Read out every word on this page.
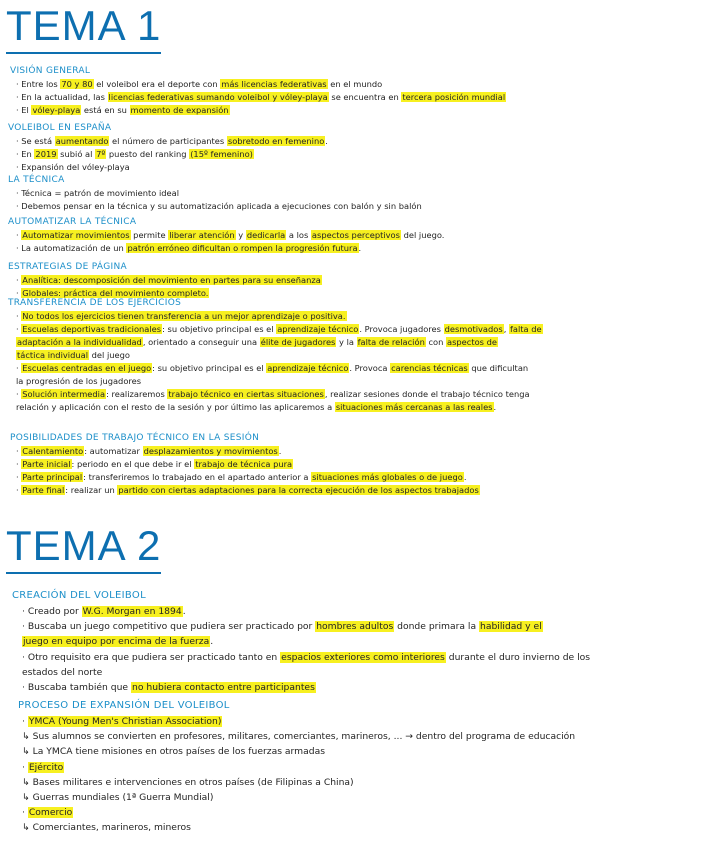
TEMA 1
VISIÓN GENERAL
· Entre los 70 y 80 el voleibol era el deporte con más licencias federativas en el mundo
· En la actualidad, las licencias federativas sumando voleibol y vóley-playa se encuentra en tercera posición mundial
· El vóley-playa está en su momento de expansión
VOLEIBOL EN ESPAÑA
· Se está aumentando el número de participantes sobretodo en femenino.
· En 2019 subió al 7º puesto del ranking (15º femenino)
· Expansión del vóley-playa
LA TÉCNICA
· Técnica = patrón de movimiento ideal
· Debemos pensar en la técnica y su automatización aplicada a ejecuciones con balón y sin balón
AUTOMATIZAR LA TÉCNICA
· Automatizar movimientos permite liberar atención y dedicarla a los aspectos perceptivos del juego.
· La automatización de un patrón erróneo dificultan o rompen la progresión futura.
ESTRATEGIAS DE PÁGINA
· Analítica: descomposición del movimiento en partes para su enseñanza
· Globales: práctica del movimiento completo.
TRANSFERENCIA DE LOS EJERCICIOS
· No todos los ejercicios tienen transferencia a un mejor aprendizaje o positiva.
· Escuelas deportivas tradicionales: su objetivo principal es el aprendizaje técnico. Provoca jugadores desmotivados, falta de
adaptación a la individualidad, orientado a conseguir una élite de jugadores y la falta de relación con aspectos de
táctica individual del juego
· Escuelas centradas en el juego: su objetivo principal es el aprendizaje técnico. Provoca carencias técnicas que dificultan
la progresión de los jugadores
· Solución intermedia: realizaremos trabajo técnico en ciertas situaciones, realizar sesiones donde el trabajo técnico tenga
relación y aplicación con el resto de la sesión y por último las aplicaremos a situaciones más cercanas a las reales.
POSIBILIDADES DE TRABAJO TÉCNICO EN LA SESIÓN
· Calentamiento: automatizar desplazamientos y movimientos.
· Parte inicial: periodo en el que debe ir el trabajo de técnica pura
· Parte principal: transferiremos lo trabajado en el apartado anterior a situaciones más globales o de juego.
· Parte final: realizar un partido con ciertas adaptaciones para la correcta ejecución de los aspectos trabajados
TEMA 2
CREACIÓN DEL VOLEIBOL
· Creado por W.G. Morgan en 1894.
· Buscaba un juego competitivo que pudiera ser practicado por hombres adultos donde primara la habilidad y el
juego en equipo por encima de la fuerza.
· Otro requisito era que pudiera ser practicado tanto en espacios exteriores como interiores durante el duro invierno de los
estados del norte
· Buscaba también que no hubiera contacto entre participantes
PROCESO DE EXPANSIÓN DEL VOLEIBOL
· YMCA (Young Men's Christian Association)
↳ Sus alumnos se convierten en profesores, militares, comerciantes, marineros, ... → dentro del programa de educación
↳ La YMCA tiene misiones en otros países de los fuerzas armadas
· Ejército
↳ Bases militares e intervenciones en otros países (de Filipinas a China)
↳ Guerras mundiales (1ª Guerra Mundial)
· Comercio
↳ Comerciantes, marineros, mineros
